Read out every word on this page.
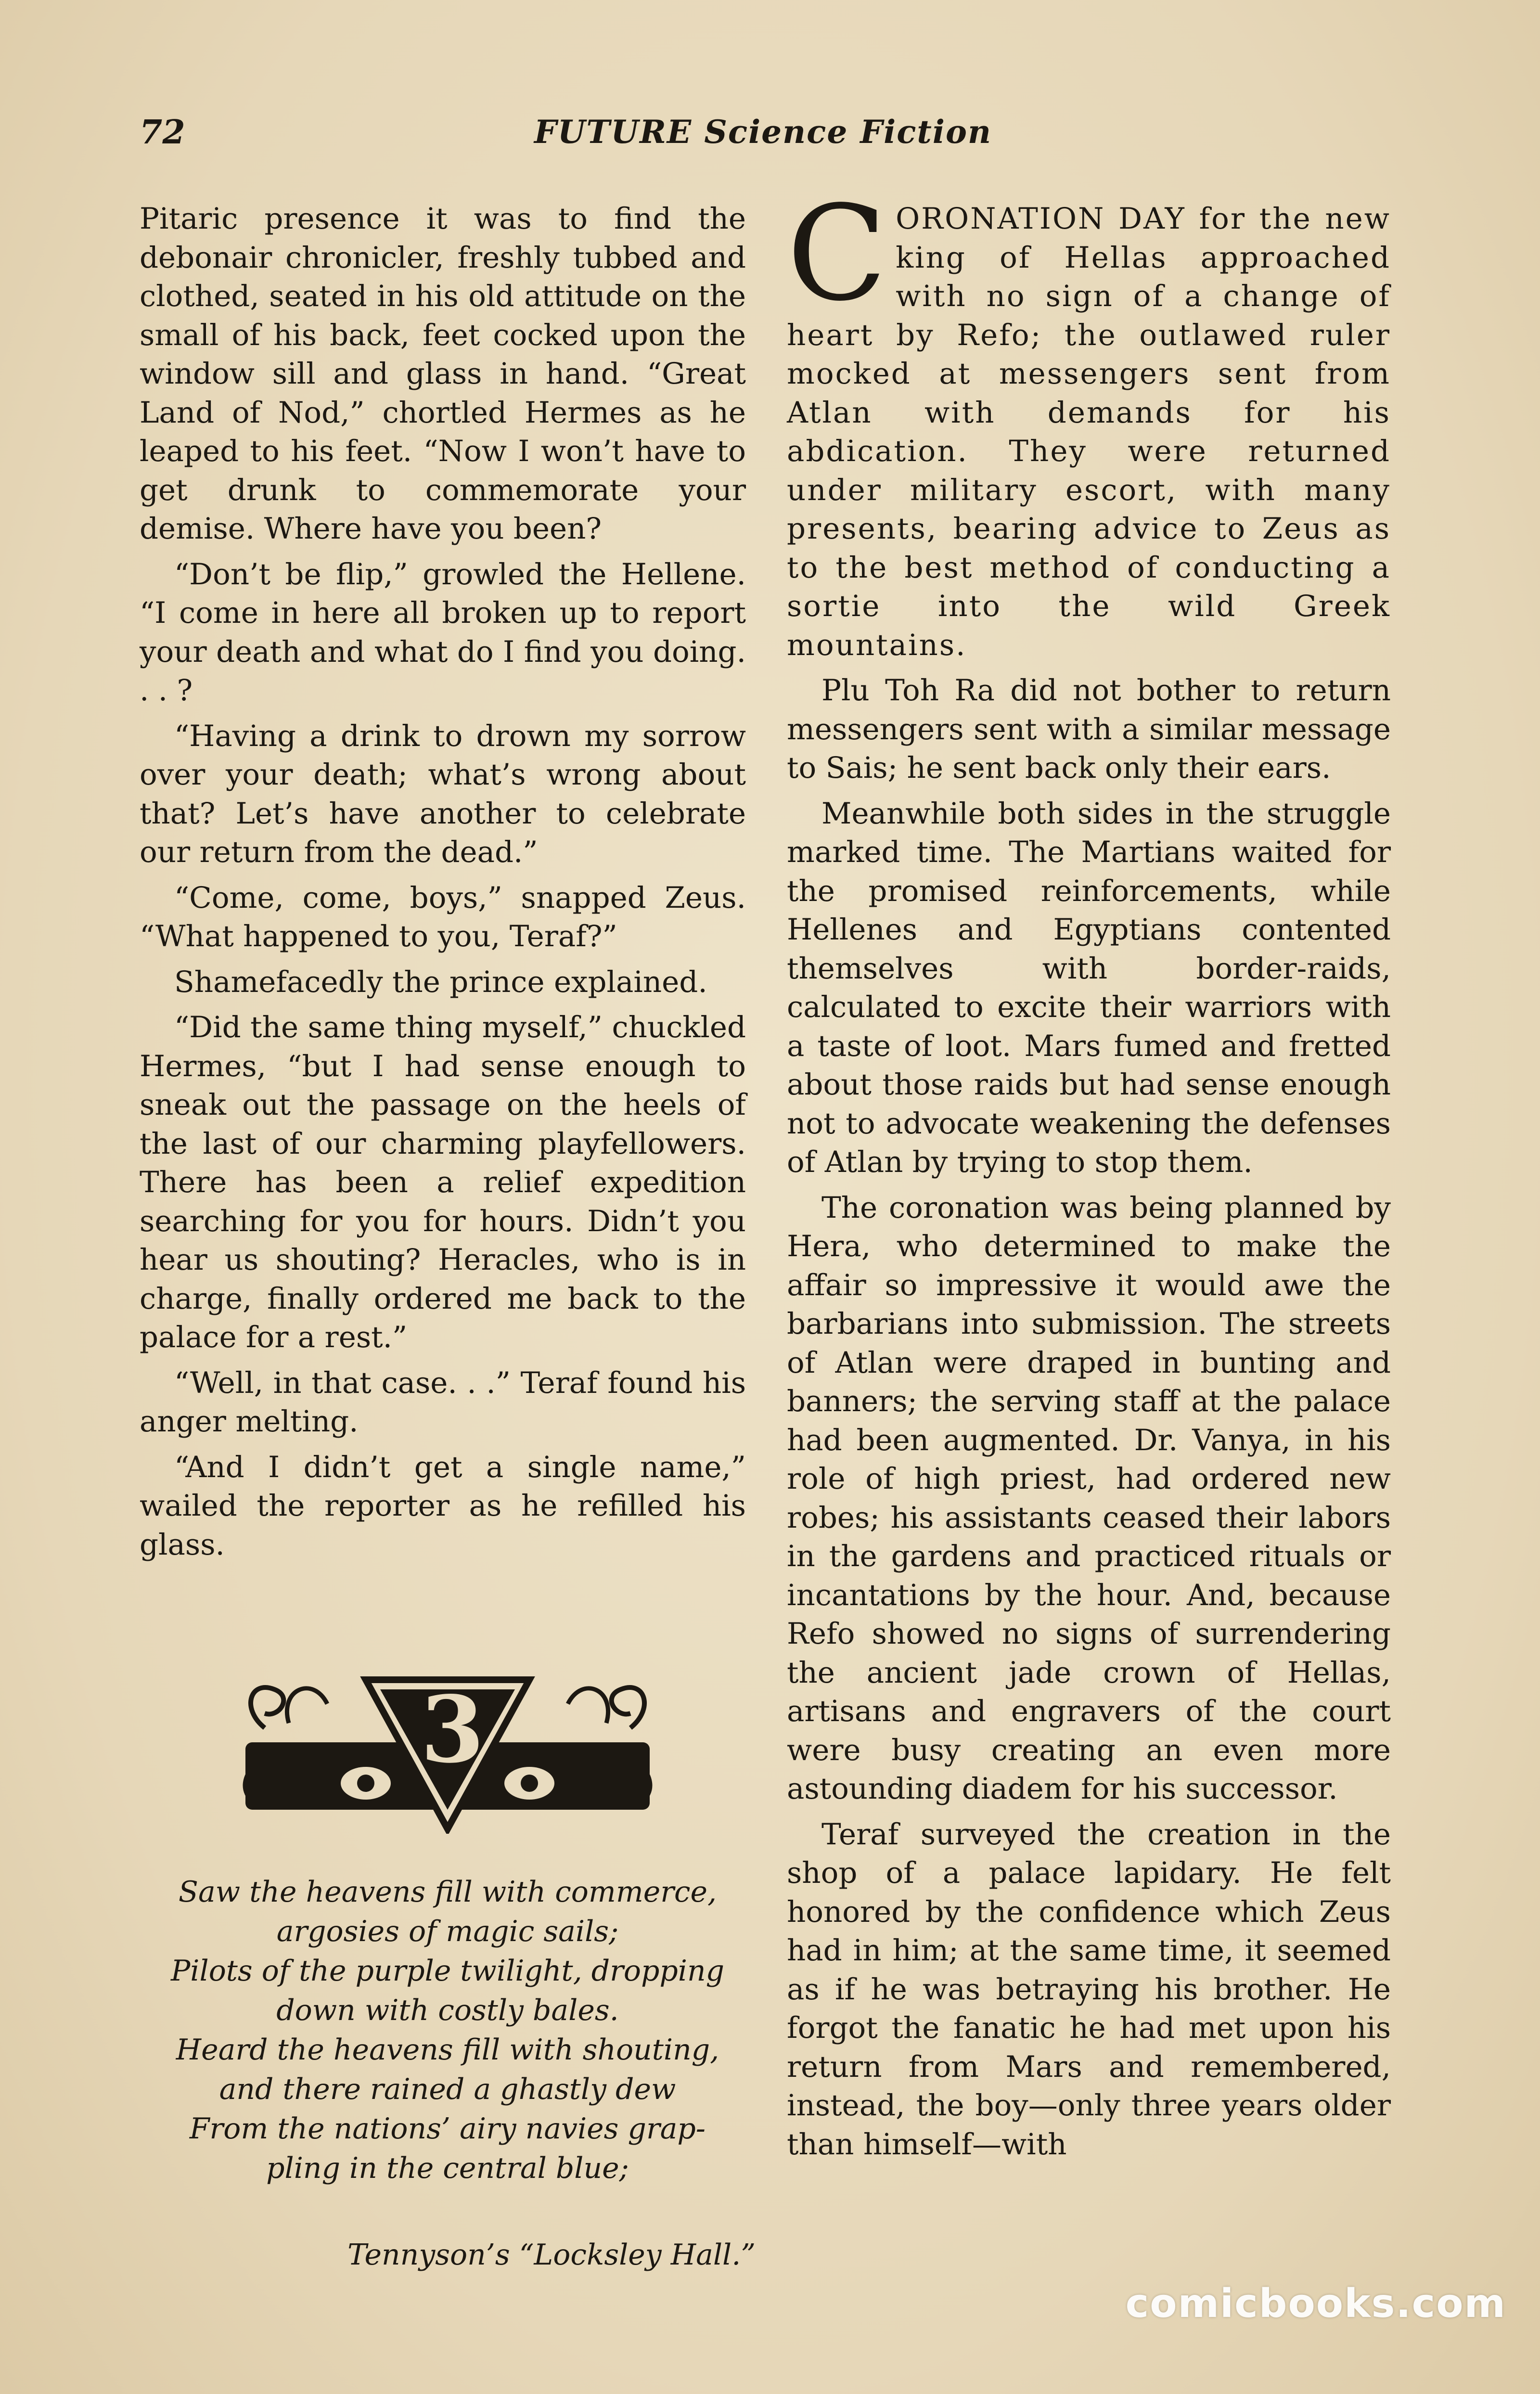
72	FUTURE Science Fiction

Pitaric presence it was to find the debonair chronicler, freshly tubbed and clothed, seated in his old attitude on the small of his back, feet cocked upon the window sill and glass in hand. “Great Land of Nod,” chortled Hermes as he leaped to his feet. “Now I won’t have to get drunk to commemorate your demise. Where have you been?

“Don’t be flip,” growled the Hellene. “I come in here all broken up to report your death and what do I find you doing. . . ?

“Having a drink to drown my sorrow over your death; what’s wrong about that? Let’s have another to celebrate our return from the dead.”

“Come, come, boys,” snapped Zeus. “What happened to you, Teraf?”

Shamefacedly the prince explained.

“Did the same thing myself,” chuckled Hermes, “but I had sense enough to sneak out the passage on the heels of the last of our charming playfellowers. There has been a relief expedition searching for you for hours. Didn’t you hear us shouting? Heracles, who is in charge, finally ordered me back to the palace for a rest.”

“Well, in that case. . .” Teraf found his anger melting.

“And I didn’t get a single name,” wailed the reporter as he refilled his glass.

3
Saw the heavens fill with commerce,
argosies of magic sails;
Pilots of the purple twilight, dropping
down with costly bales.
Heard the heavens fill with shouting,
and there rained a ghastly dew
From the nations’ airy navies grap-
pling in the central blue;
Tennyson’s “Locksley Hall.”

CORONATION DAY for the new king of Hellas approached with no sign of a change of heart by Refo; the outlawed ruler mocked at messengers sent from Atlan with demands for his abdication. They were returned under military escort, with many presents, bearing advice to Zeus as to the best method of conducting a sortie into the wild Greek mountains.

Plu Toh Ra did not bother to return messengers sent with a similar message to Sais; he sent back only their ears.

Meanwhile both sides in the struggle marked time. The Martians waited for the promised reinforcements, while Hellenes and Egyptians contented themselves with border-raids, calculated to excite their warriors with a taste of loot. Mars fumed and fretted about those raids but had sense enough not to advocate weakening the defenses of Atlan by trying to stop them.

The coronation was being planned by Hera, who determined to make the affair so impressive it would awe the barbarians into submission. The streets of Atlan were draped in bunting and banners; the serving staff at the palace had been augmented. Dr. Vanya, in his role of high priest, had ordered new robes; his assistants ceased their labors in the gardens and practiced rituals or incantations by the hour. And, because Refo showed no signs of surrendering the ancient jade crown of Hellas, artisans and engravers of the court were busy creating an even more astounding diadem for his successor.

Teraf surveyed the creation in the shop of a palace lapidary. He felt honored by the confidence which Zeus had in him; at the same time, it seemed as if he was betraying his brother. He forgot the fanatic he had met upon his return from Mars and remembered, instead, the boy—only three years older than himself—with

comicbooks.com
